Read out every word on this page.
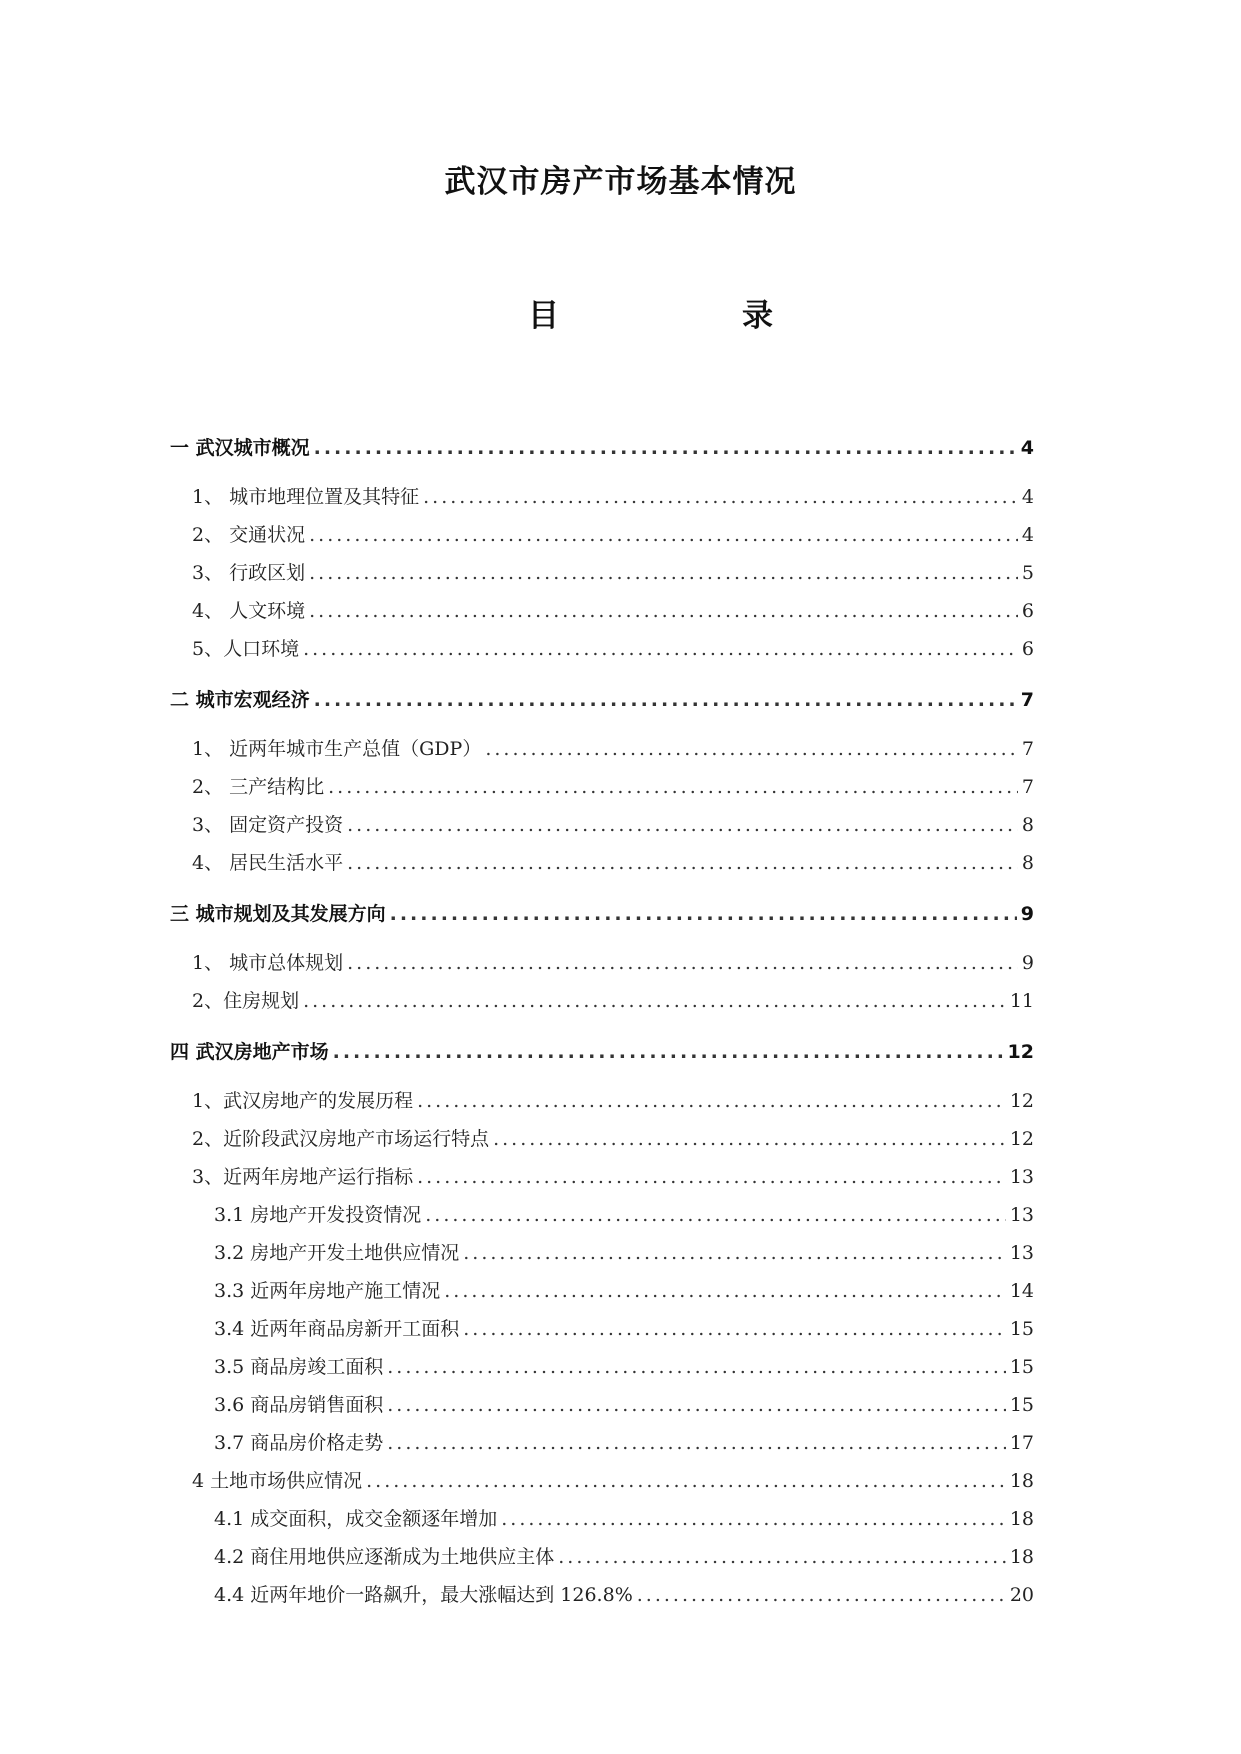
武汉市房产市场基本情况
目	录
一 武汉城市概况 .....	4
1、 城市地理位置及其特征 .....	4
2、 交通状况 .....	4
3、 行政区划 .....	5
4、 人文环境 .....	6
5、人口环境 .....	6
二 城市宏观经济 .....	7
1、 近两年城市生产总值（GDP） .....	7
2、 三产结构比 .....	7
3、 固定资产投资 .....	8
4、 居民生活水平 .....	8
三 城市规划及其发展方向 .....	9
1、 城市总体规划 .....	9
2、住房规划 .....	11
四 武汉房地产市场 .....	12
1、武汉房地产的发展历程 .....	12
2、近阶段武汉房地产市场运行特点 .....	12
3、近两年房地产运行指标 .....	13
3.1 房地产开发投资情况 .....	13
3.2 房地产开发土地供应情况 .....	13
3.3 近两年房地产施工情况 .....	14
3.4 近两年商品房新开工面积 .....	15
3.5 商品房竣工面积 .....	15
3.6 商品房销售面积 .....	15
3.7 商品房价格走势 .....	17
4 土地市场供应情况 .....	18
4.1 成交面积，成交金额逐年增加 .....	18
4.2 商住用地供应逐渐成为土地供应主体 .....	18
4.4 近两年地价一路飙升，最大涨幅达到 126.8% .....	20
